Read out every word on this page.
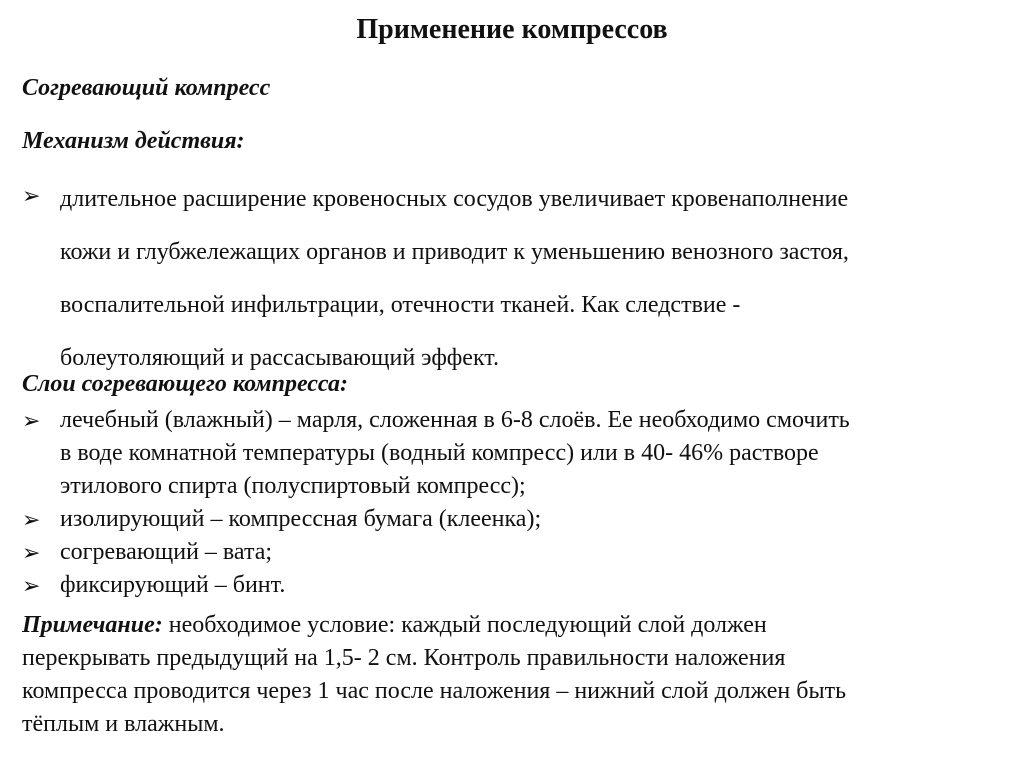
Применение компрессов
Согревающий компресс
Механизм действия:
➢ длительное расширение кровеносных сосудов увеличивает кровенаполнение
кожи и глубжележащих органов и приводит к уменьшению венозного застоя,
воспалительной инфильтрации, отечности тканей. Как следствие -
болеутоляющий и рассасывающий эффект.
Слои согревающего компресса:
➢ лечебный (влажный) – марля, сложенная в 6-8 слоёв. Ее необходимо смочить
в воде комнатной температуры (водный компресс) или в 40- 46% растворе
этилового спирта (полуспиртовый компресс);
➢ изолирующий – компрессная бумага (клеенка);
➢ согревающий – вата;
➢ фиксирующий – бинт.
Примечание: необходимое условие: каждый последующий слой должен
перекрывать предыдущий на 1,5- 2 см. Контроль правильности наложения
компресса проводится через 1 час после наложения – нижний слой должен быть
тёплым и влажным.
